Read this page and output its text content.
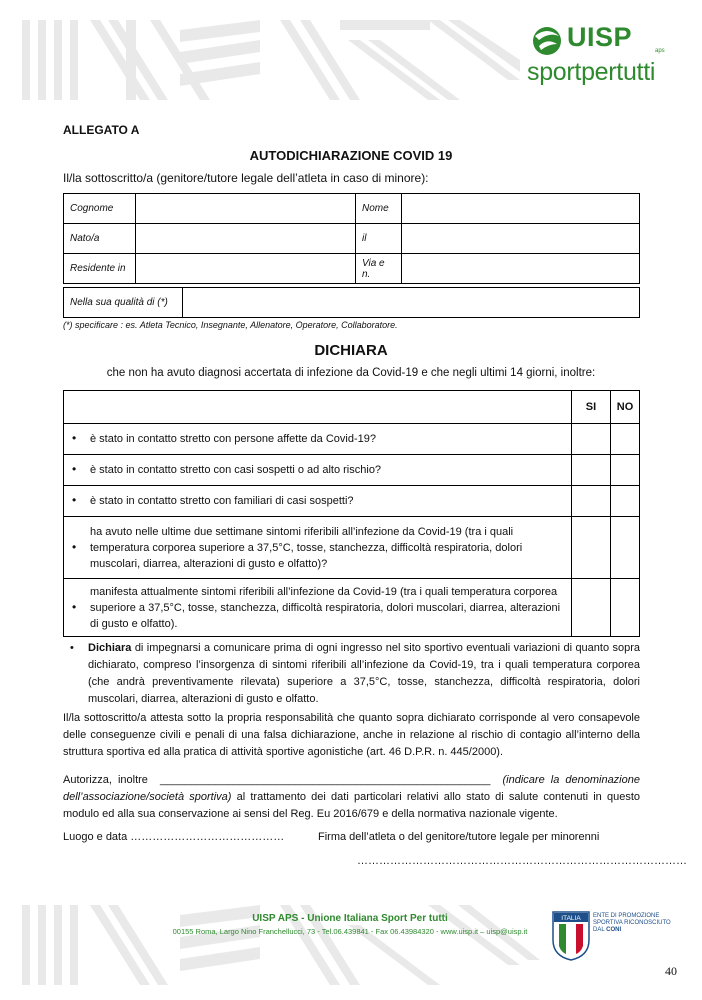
UISP	aps
sportpertutti
ALLEGATO A
AUTODICHIARAZIONE COVID 19
Il/la sottoscritto/a (genitore/tutore legale dell’atleta in caso di minore):
Cognome		Nome	
Nato/a		il	
Residente in		Via e n.	
Nella sua qualità di (*)	
(*) specificare : es. Atleta Tecnico, Insegnante, Allenatore, Operatore, Collaboratore.
DICHIARA
che non ha avuto diagnosi accertata di infezione da Covid-19 e che negli ultimi 14 giorni, inoltre:
	SI	NO

• è stato in contatto stretto con persone affette da Covid-19?		

• è stato in contatto stretto con casi sospetti o ad alto rischio?		

• è stato in contatto stretto con familiari di casi sospetti?		

•
ha avuto nelle ultime due settimane sintomi riferibili all’infezione da Covid-19 (tra i quali temperatura corporea superiore a 37,5°C, tosse, stanchezza, difficoltà respiratoria, dolori muscolari, diarrea, alterazioni di gusto e olfatto)?		

•
manifesta attualmente sintomi riferibili all’infezione da Covid-19 (tra i quali temperatura corporea superiore a 37,5°C, tosse, stanchezza, difficoltà respiratoria, dolori muscolari, diarrea, alterazioni di gusto e olfatto).		
• Dichiara di impegnarsi a comunicare prima di ogni ingresso nel sito sportivo eventuali variazioni di quanto sopra dichiarato, compreso l’insorgenza di sintomi riferibili all’infezione da Covid-19, tra i quali temperatura corporea (che andrà preventivamente rilevata) superiore a 37,5°C, tosse, stanchezza, difficoltà respiratoria, dolori muscolari, diarrea, alterazioni di gusto e olfatto.
Il/la sottoscritto/a attesta sotto la propria responsabilità che quanto sopra dichiarato corrisponde al vero consapevole delle conseguenze civili e penali di una falsa dichiarazione, anche in relazione al rischio di contagio all’interno della struttura sportiva ed alla pratica di attività sportive agonistiche (art. 46 D.P.R. n. 445/2000).
Autorizza, inoltre ______________________________________________________ (indicare la denominazione dell’associazione/società sportiva) al trattamento dei dati particolari relativi allo stato di salute contenuti in questo modulo ed alla sua conservazione ai sensi del Reg. Eu 2016/679 e della normativa nazionale vigente.
Luogo e data ……………………………………	Firma dell’atleta o del genitore/tutore legale per minorenni
………………………………………………………………………………
UISP APS - Unione Italiana Sport Per tutti
00155 Roma, Largo Nino Franchellucci, 73 - Tel.06.439841 - Fax 06.43984320 - www.uisp.it – uisp@uisp.it
ITALIA ENTE DI PROMOZIONE SPORTIVA RICONOSCIUTO DAL CONI
40
